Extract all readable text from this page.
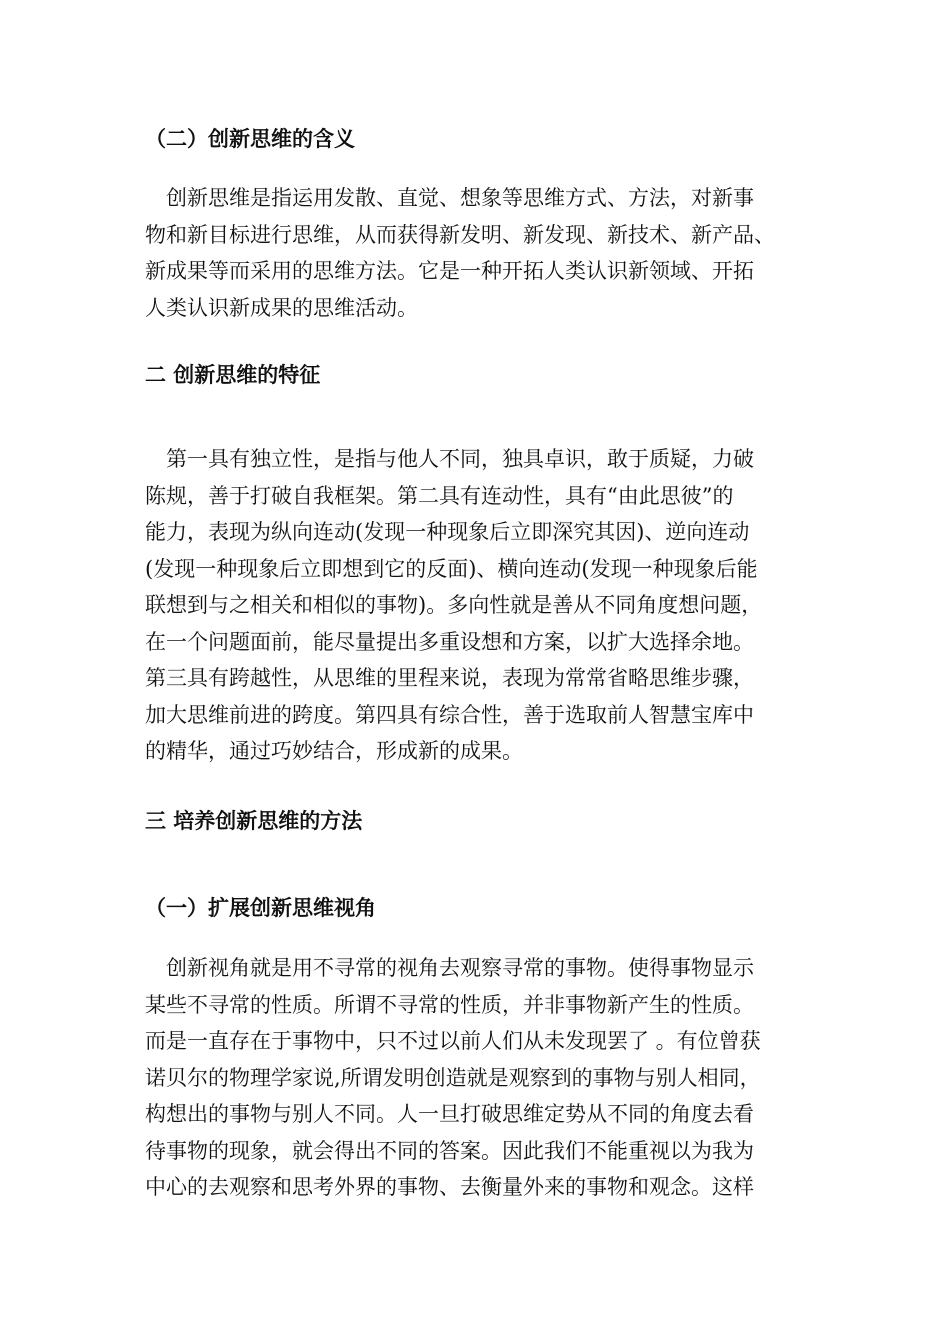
（二）创新思维的含义
　创新思维是指运用发散、直觉、想象等思维方式、方法，对新事
物和新目标进行思维，从而获得新发明、新发现、新技术、新产品、
新成果等而采用的思维方法。它是一种开拓人类认识新领域、开拓
人类认识新成果的思维活动。
二 创新思维的特征
　第一具有独立性，是指与他人不同，独具卓识，敢于质疑，力破
陈规，善于打破自我框架。第二具有连动性，具有“由此思彼”的
能力，表现为纵向连动(发现一种现象后立即深究其因)、逆向连动
(发现一种现象后立即想到它的反面)、横向连动(发现一种现象后能
联想到与之相关和相似的事物)。多向性就是善从不同角度想问题，
在一个问题面前，能尽量提出多重设想和方案，以扩大选择余地。
第三具有跨越性，从思维的里程来说，表现为常常省略思维步骤，
加大思维前进的跨度。第四具有综合性，善于选取前人智慧宝库中
的精华，通过巧妙结合，形成新的成果。
三 培养创新思维的方法
（一）扩展创新思维视角
　创新视角就是用不寻常的视角去观察寻常的事物。使得事物显示
某些不寻常的性质。所谓不寻常的性质，并非事物新产生的性质。
而是一直存在于事物中，只不过以前人们从未发现罢了 。有位曾获
诺贝尔的物理学家说,所谓发明创造就是观察到的事物与别人相同，
构想出的事物与别人不同。人一旦打破思维定势从不同的角度去看
待事物的现象，就会得出不同的答案。因此我们不能重视以为我为
中心的去观察和思考外界的事物、去衡量外来的事物和观念。这样
